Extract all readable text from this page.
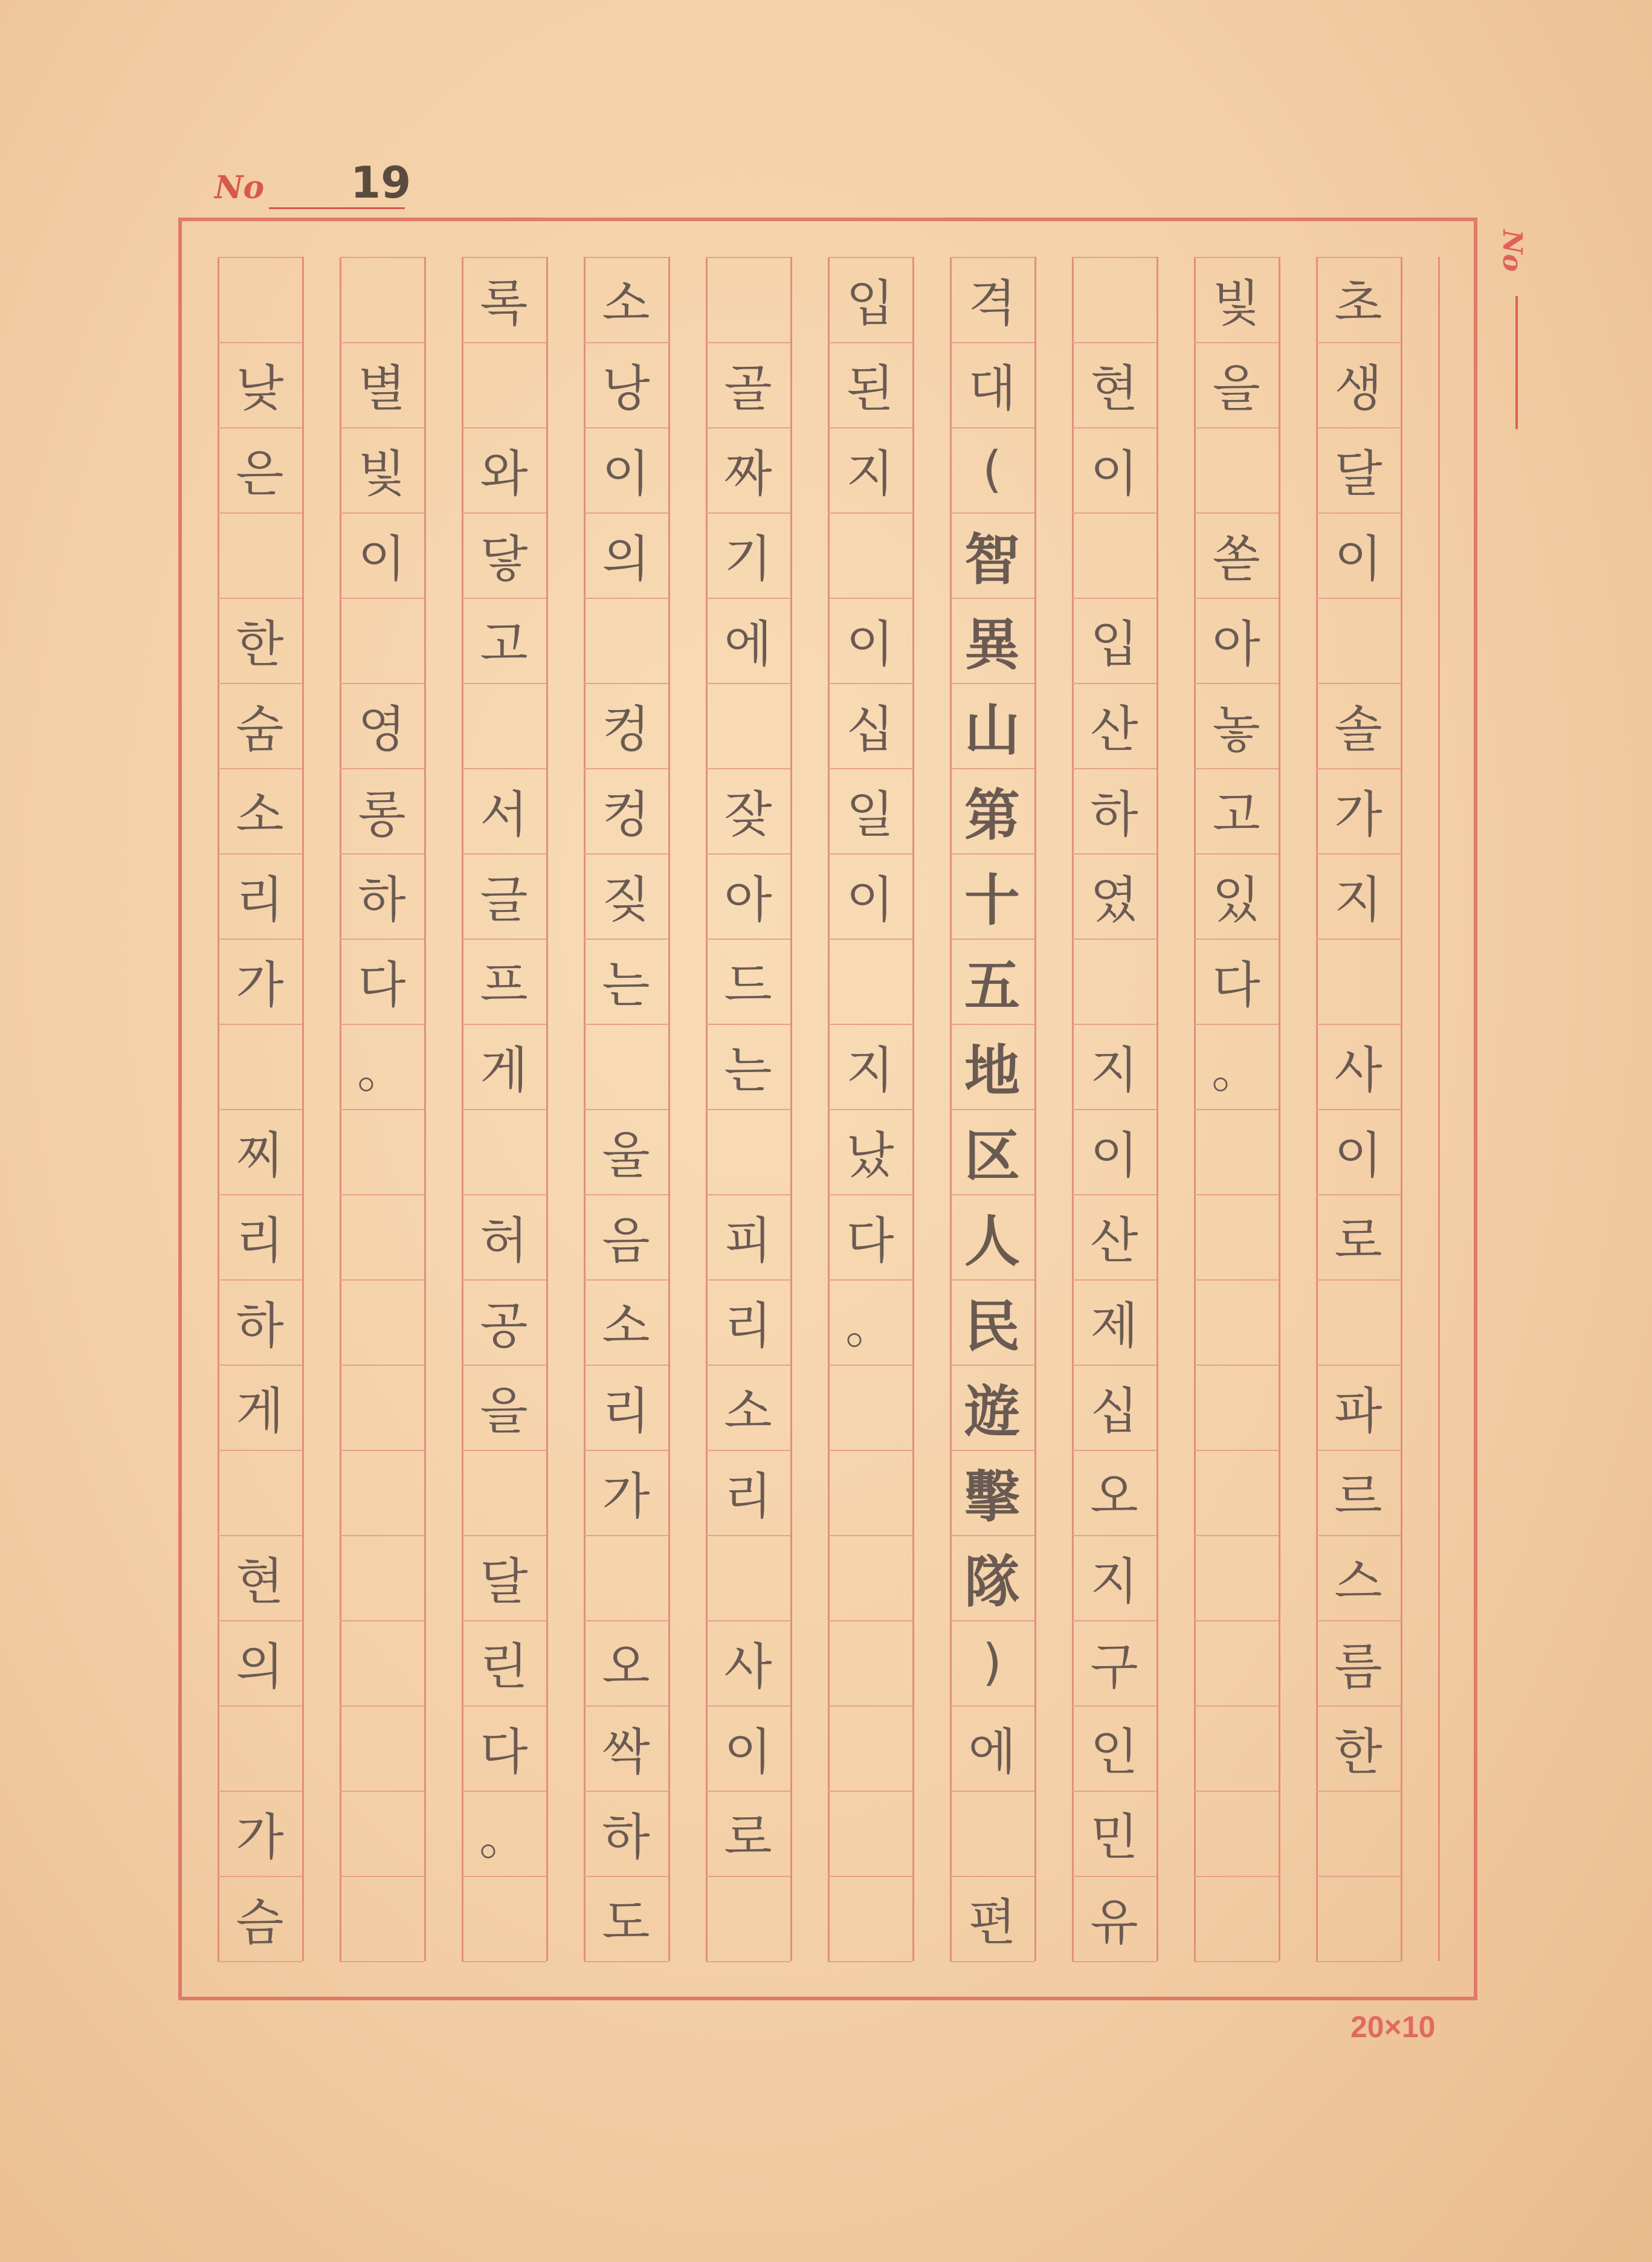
No 19
No
초
생
달
이
솔
가
지
사
이
로
파
르
스
름
한
빛
을
쏟
아
놓
고
있
다
。
현
이
입
산
하
였
지
이
산
제
십
오
지
구
인
민
유
격
대
(
智
異
山
第
十
五
地
区
人
民
遊
擊
隊
)
에
편
입
된
지
이
십
일
이
지
났
다
。
골
짜
기
에
잦
아
드
는
피
리
소
리
사
이
로
소
낭
이
의
컹
컹
짖
는
울
음
소
리
가
오
싹
하
도
록
와
닿
고
서
글
프
게
허
공
을
달
린
다
。
별
빛
이
영
롱
하
다
。
낮
은
한
숨
소
리
가
찌
리
하
게
현
의
가
슴
20×10
